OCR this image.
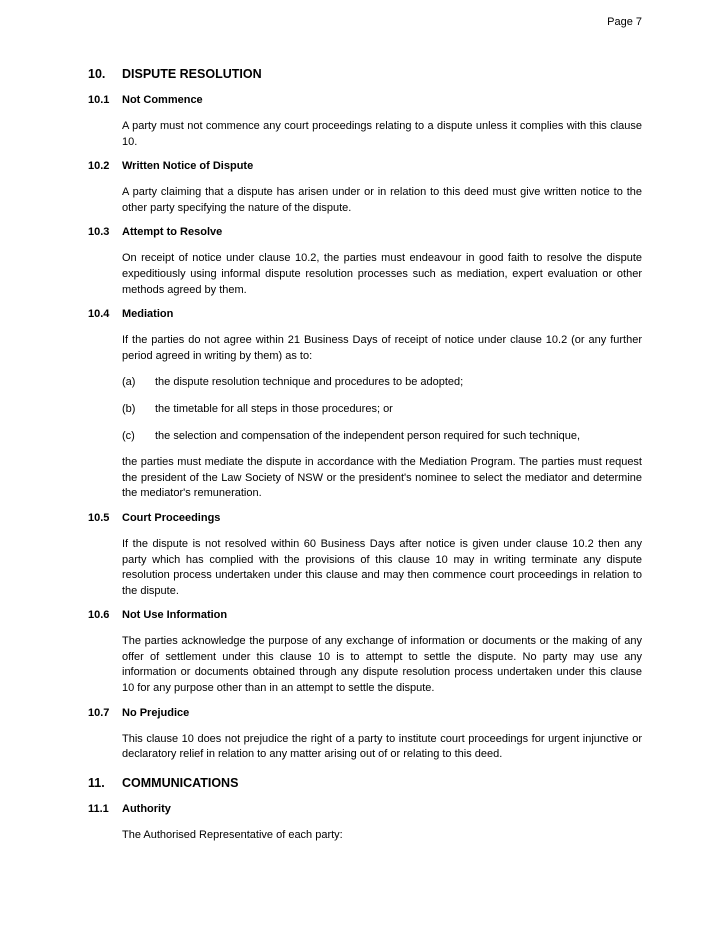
Page 7
10.	DISPUTE RESOLUTION
10.1	Not Commence
A party must not commence any court proceedings relating to a dispute unless it complies with this clause 10.
10.2	Written Notice of Dispute
A party claiming that a dispute has arisen under or in relation to this deed must give written notice to the other party specifying the nature of the dispute.
10.3	Attempt to Resolve
On receipt of notice under clause 10.2, the parties must endeavour in good faith to resolve the dispute expeditiously using informal dispute resolution processes such as mediation, expert evaluation or other methods agreed by them.
10.4	Mediation
If the parties do not agree within 21 Business Days of receipt of notice under clause 10.2 (or any further period agreed in writing by them) as to:
(a)	the dispute resolution technique and procedures to be adopted;
(b)	the timetable for all steps in those procedures; or
(c)	the selection and compensation of the independent person required for such technique,
the parties must mediate the dispute in accordance with the Mediation Program. The parties must request the president of the Law Society of NSW or the president's nominee to select the mediator and determine the mediator's remuneration.
10.5	Court Proceedings
If the dispute is not resolved within 60 Business Days after notice is given under clause 10.2 then any party which has complied with the provisions of this clause 10 may in writing terminate any dispute resolution process undertaken under this clause and may then commence court proceedings in relation to the dispute.
10.6	Not Use Information
The parties acknowledge the purpose of any exchange of information or documents or the making of any offer of settlement under this clause 10 is to attempt to settle the dispute. No party may use any information or documents obtained through any dispute resolution process undertaken under this clause 10 for any purpose other than in an attempt to settle the dispute.
10.7	No Prejudice
This clause 10 does not prejudice the right of a party to institute court proceedings for urgent injunctive or declaratory relief in relation to any matter arising out of or relating to this deed.
11.	COMMUNICATIONS
11.1	Authority
The Authorised Representative of each party:
